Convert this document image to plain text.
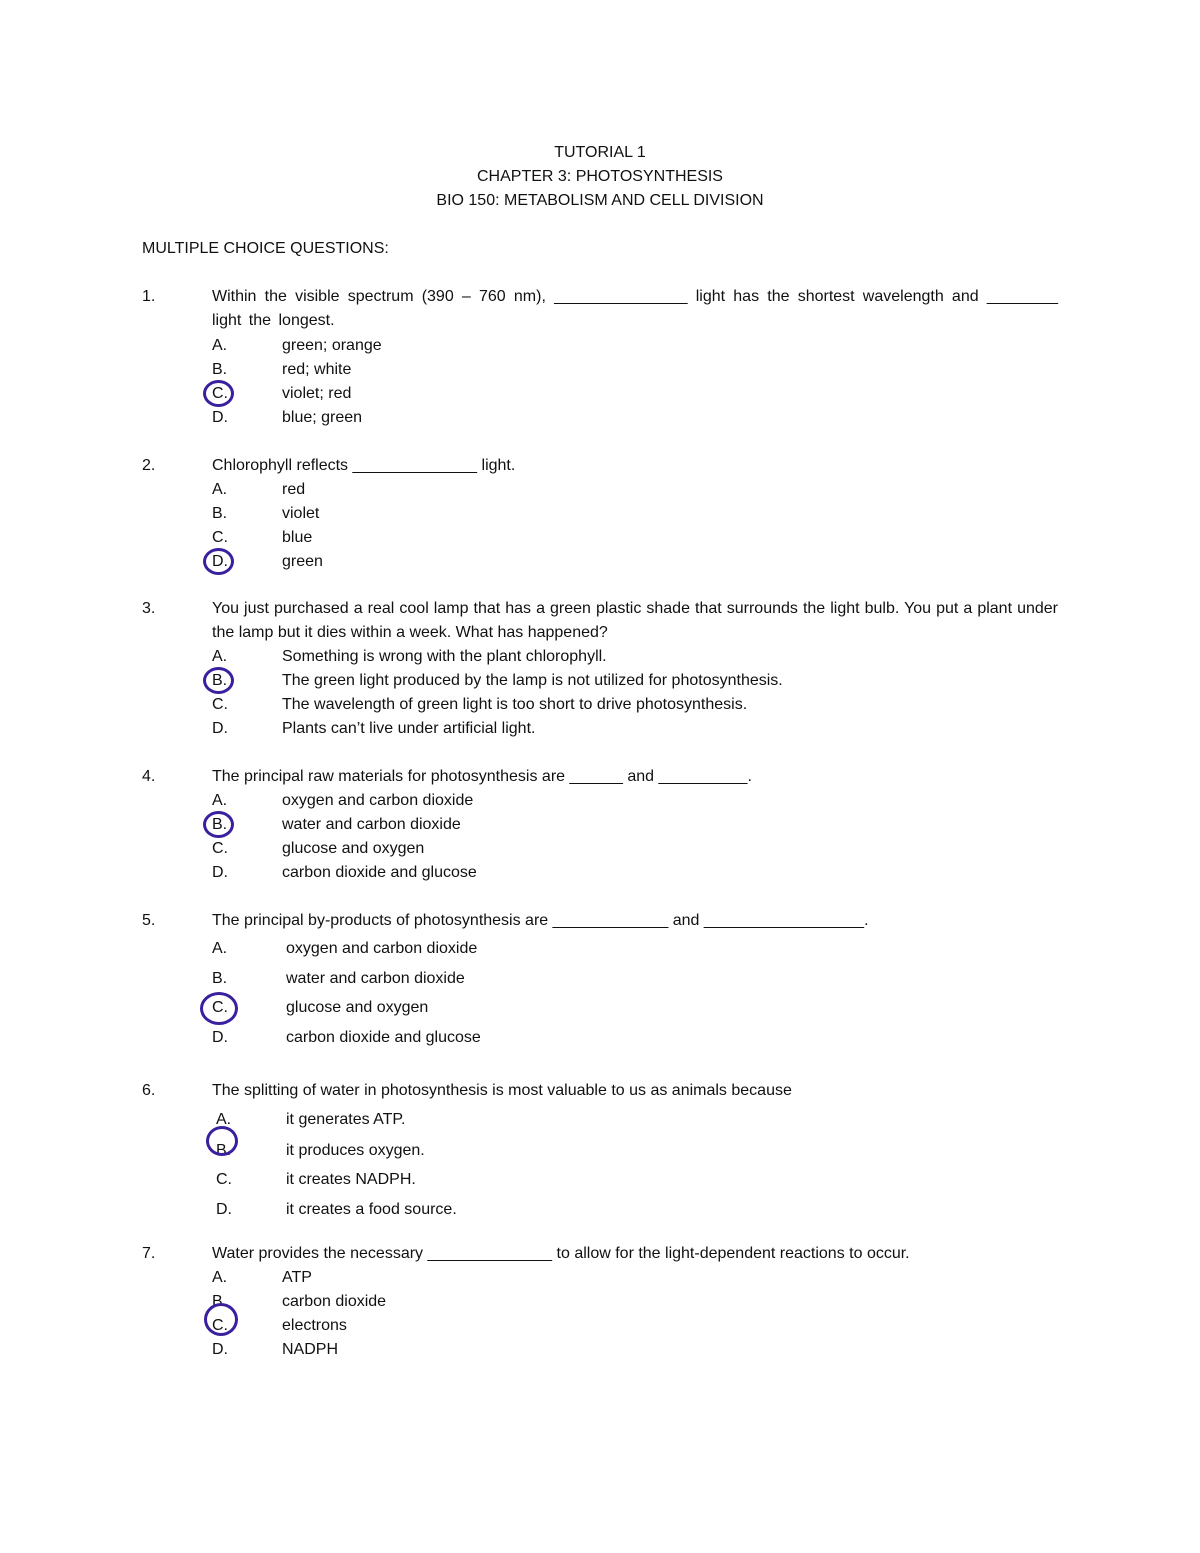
TUTORIAL 1
CHAPTER 3: PHOTOSYNTHESIS
BIO 150: METABOLISM AND CELL DIVISION
MULTIPLE CHOICE QUESTIONS:
1.	Within the visible spectrum (390 – 760 nm), _______________ light has the shortest wavelength and ________ light the longest.
A.	green; orange
B.	red; white
C.	violet; red
D.	blue; green
2.	Chlorophyll reflects ______________ light.
A.	red
B.	violet
C.	blue
D.	green
3.	You just purchased a real cool lamp that has a green plastic shade that surrounds the light bulb. You put a plant under the lamp but it dies within a week. What has happened?
A.	Something is wrong with the plant chlorophyll.
B.	The green light produced by the lamp is not utilized for photosynthesis.
C.	The wavelength of green light is too short to drive photosynthesis.
D.	Plants can’t live under artificial light.
4.	The principal raw materials for photosynthesis are ______ and __________.
A.	oxygen and carbon dioxide
B.	water and carbon dioxide
C.	glucose and oxygen
D.	carbon dioxide and glucose
5.	The principal by-products of photosynthesis are _____________ and __________________.
A.	oxygen and carbon dioxide
B.	water and carbon dioxide
C.	glucose and oxygen
D.	carbon dioxide and glucose
6.	The splitting of water in photosynthesis is most valuable to us as animals because
A.	it generates ATP.
B.	it produces oxygen.
C.	it creates NADPH.
D.	it creates a food source.
7.	Water provides the necessary ______________ to allow for the light-dependent reactions to occur.
A.	ATP
B.	carbon dioxide
C.	electrons
D.	NADPH
